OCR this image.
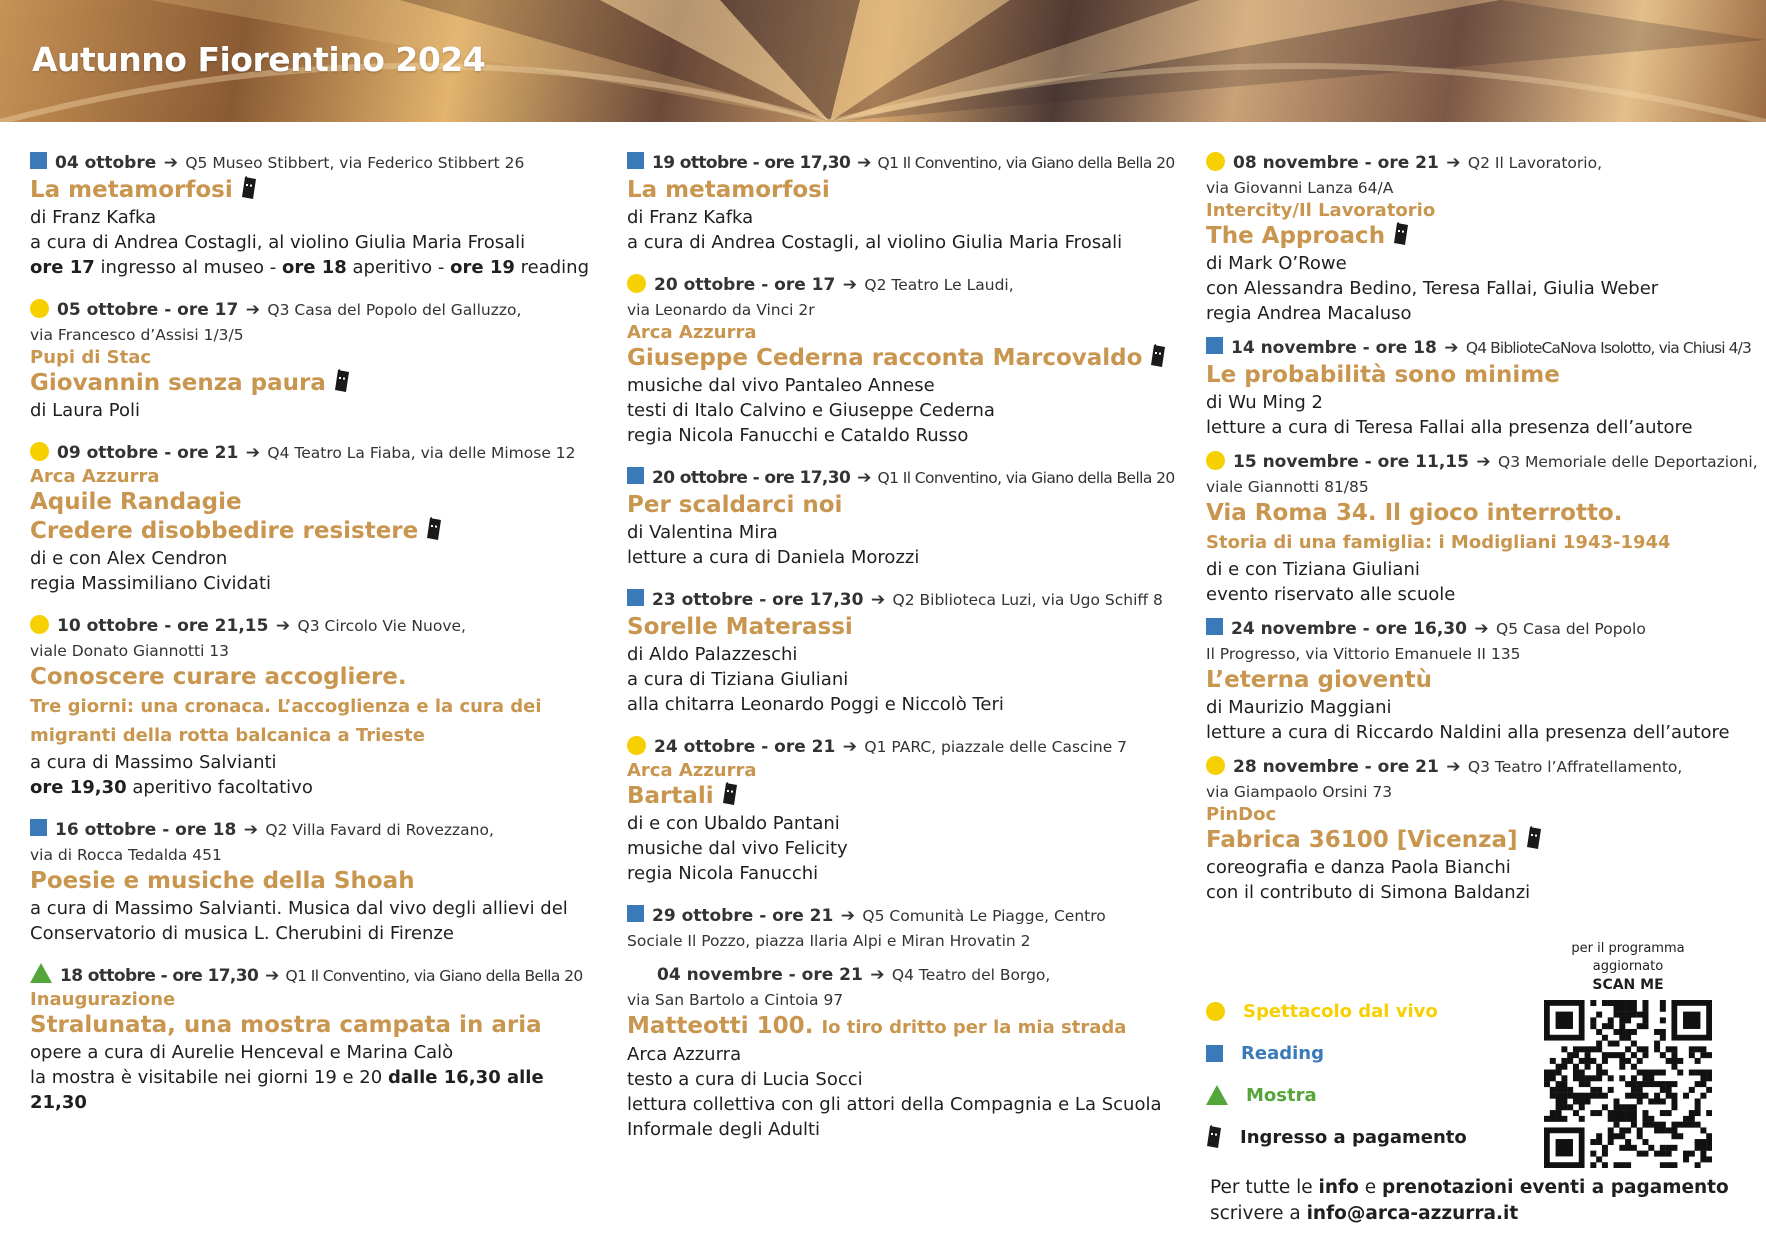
Autunno Fiorentino 2024
04 ottobre ➔ Q5 Museo Stibbert, via Federico Stibbert 26
La metamorfosi
di Franz Kafka
a cura di Andrea Costagli, al violino Giulia Maria Frosali
ore 17 ingresso al museo - ore 18 aperitivo - ore 19 reading
05 ottobre - ore 17 ➔ Q3 Casa del Popolo del Galluzzo,
via Francesco d’Assisi 1/3/5
Pupi di Stac
Giovannin senza paura
di Laura Poli
09 ottobre - ore 21 ➔ Q4 Teatro La Fiaba, via delle Mimose 12
Arca Azzurra
Aquile Randagie
Credere disobbedire resistere
di e con Alex Cendron
regia Massimiliano Cividati
10 ottobre - ore 21,15 ➔ Q3 Circolo Vie Nuove,
viale Donato Giannotti 13
Conoscere curare accogliere.
Tre giorni: una cronaca. L’accoglienza e la cura dei
migranti della rotta balcanica a Trieste
a cura di Massimo Salvianti
ore 19,30 aperitivo facoltativo
16 ottobre - ore 18 ➔ Q2 Villa Favard di Rovezzano,
via di Rocca Tedalda 451
Poesie e musiche della Shoah
a cura di Massimo Salvianti. Musica dal vivo degli allievi del
Conservatorio di musica L. Cherubini di Firenze
18 ottobre - ore 17,30 ➔ Q1 Il Conventino, via Giano della Bella 20
Inaugurazione
Stralunata, una mostra campata in aria
opere a cura di Aurelie Henceval e Marina Calò
la mostra è visitabile nei giorni 19 e 20 dalle 16,30 alle 21,30
19 ottobre - ore 17,30 ➔ Q1 Il Conventino, via Giano della Bella 20
La metamorfosi
di Franz Kafka
a cura di Andrea Costagli, al violino Giulia Maria Frosali
20 ottobre - ore 17 ➔ Q2 Teatro Le Laudi,
via Leonardo da Vinci 2r
Arca Azzurra
Giuseppe Cederna racconta Marcovaldo
musiche dal vivo Pantaleo Annese
testi di Italo Calvino e Giuseppe Cederna
regia Nicola Fanucchi e Cataldo Russo
20 ottobre - ore 17,30 ➔ Q1 Il Conventino, via Giano della Bella 20
Per scaldarci noi
di Valentina Mira
letture a cura di Daniela Morozzi
23 ottobre - ore 17,30 ➔ Q2 Biblioteca Luzi, via Ugo Schiff 8
Sorelle Materassi
di Aldo Palazzeschi
a cura di Tiziana Giuliani
alla chitarra Leonardo Poggi e Niccolò Teri
24 ottobre - ore 21 ➔ Q1 PARC, piazzale delle Cascine 7
Arca Azzurra
Bartali
di e con Ubaldo Pantani
musiche dal vivo Felicity
regia Nicola Fanucchi
29 ottobre - ore 21 ➔ Q5 Comunità Le Piagge, Centro
Sociale Il Pozzo, piazza Ilaria Alpi e Miran Hrovatin 2
04 novembre - ore 21 ➔ Q4 Teatro del Borgo,
via San Bartolo a Cintoia 97
Matteotti 100. Io tiro dritto per la mia strada
Arca Azzurra
testo a cura di Lucia Socci
lettura collettiva con gli attori della Compagnia e La Scuola
Informale degli Adulti
08 novembre - ore 21 ➔ Q2 Il Lavoratorio,
via Giovanni Lanza 64/A
Intercity/Il Lavoratorio
The Approach
di Mark O’Rowe
con Alessandra Bedino, Teresa Fallai, Giulia Weber
regia Andrea Macaluso
14 novembre - ore 18 ➔ Q4 BiblioteCaNova Isolotto, via Chiusi 4/3
Le probabilità sono minime
di Wu Ming 2
letture a cura di Teresa Fallai alla presenza dell’autore
15 novembre - ore 11,15 ➔ Q3 Memoriale delle Deportazioni,
viale Giannotti 81/85
Via Roma 34. Il gioco interrotto.
Storia di una famiglia: i Modigliani 1943-1944
di e con Tiziana Giuliani
evento riservato alle scuole
24 novembre - ore 16,30 ➔ Q5 Casa del Popolo
Il Progresso, via Vittorio Emanuele II 135
L’eterna gioventù
di Maurizio Maggiani
letture a cura di Riccardo Naldini alla presenza dell’autore
28 novembre - ore 21 ➔ Q3 Teatro l’Affratellamento,
via Giampaolo Orsini 73
PinDoc
Fabrica 36100 [Vicenza]
coreografia e danza Paola Bianchi
con il contributo di Simona Baldanzi
Spettacolo dal vivo
Reading
Mostra
Ingresso a pagamento
per il programma aggiornato
SCAN ME
Per tutte le info e prenotazioni eventi a pagamento
scrivere a info@arca-azzurra.it
